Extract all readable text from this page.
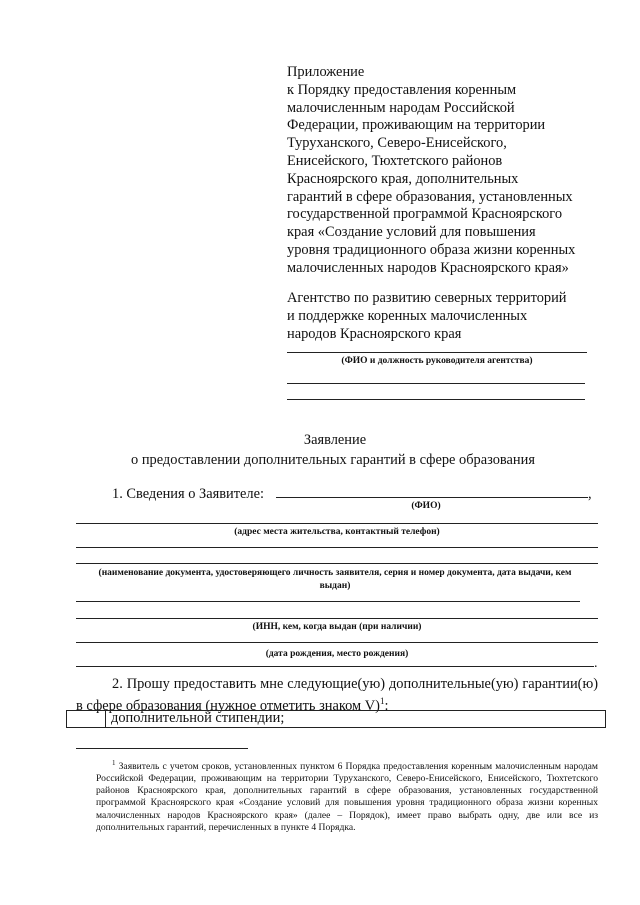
Приложение
к Порядку предоставления коренным
малочисленным народам Российской
Федерации, проживающим на территории
Туруханского, Северо-Енисейского,
Енисейского, Тюхтетского районов
Красноярского края, дополнительных
гарантий в сфере образования, установленных
государственной программой Красноярского
края «Создание условий для повышения
уровня традиционного образа жизни коренных
малочисленных народов Красноярского края»
Агентство по развитию северных территорий
и поддержке коренных малочисленных
народов Красноярского края
(ФИО и должность руководителя агентства)
Заявление
о предоставлении дополнительных гарантий в сфере образования
1. Сведения о Заявителе:	,
(ФИО)
(адрес места жительства, контактный телефон)
(наименование документа, удостоверяющего личность заявителя, серия и номер документа, дата выдачи, кем выдан)
(ИНН, кем, когда выдан (при наличии)
(дата рождения, место рождения)
.
2. Прошу предоставить мне следующие(ую) дополнительные(ую) гарантии(ю) в сфере образования (нужное отметить знаком V)$^1$:
дополнительной стипендии;
$^1$ Заявитель с учетом сроков, установленных пунктом 6 Порядка предоставления коренным малочисленным народам Российской Федерации, проживающим на территории Туруханского, Северо-Енисейского, Енисейского, Тюхтетского районов Красноярского края, дополнительных гарантий в сфере образования, установленных государственной программой Красноярского края «Создание условий для повышения уровня традиционного образа жизни коренных малочисленных народов Красноярского края» (далее – Порядок), имеет право выбрать одну, две или все из дополнительных гарантий, перечисленных в пункте 4 Порядка.
